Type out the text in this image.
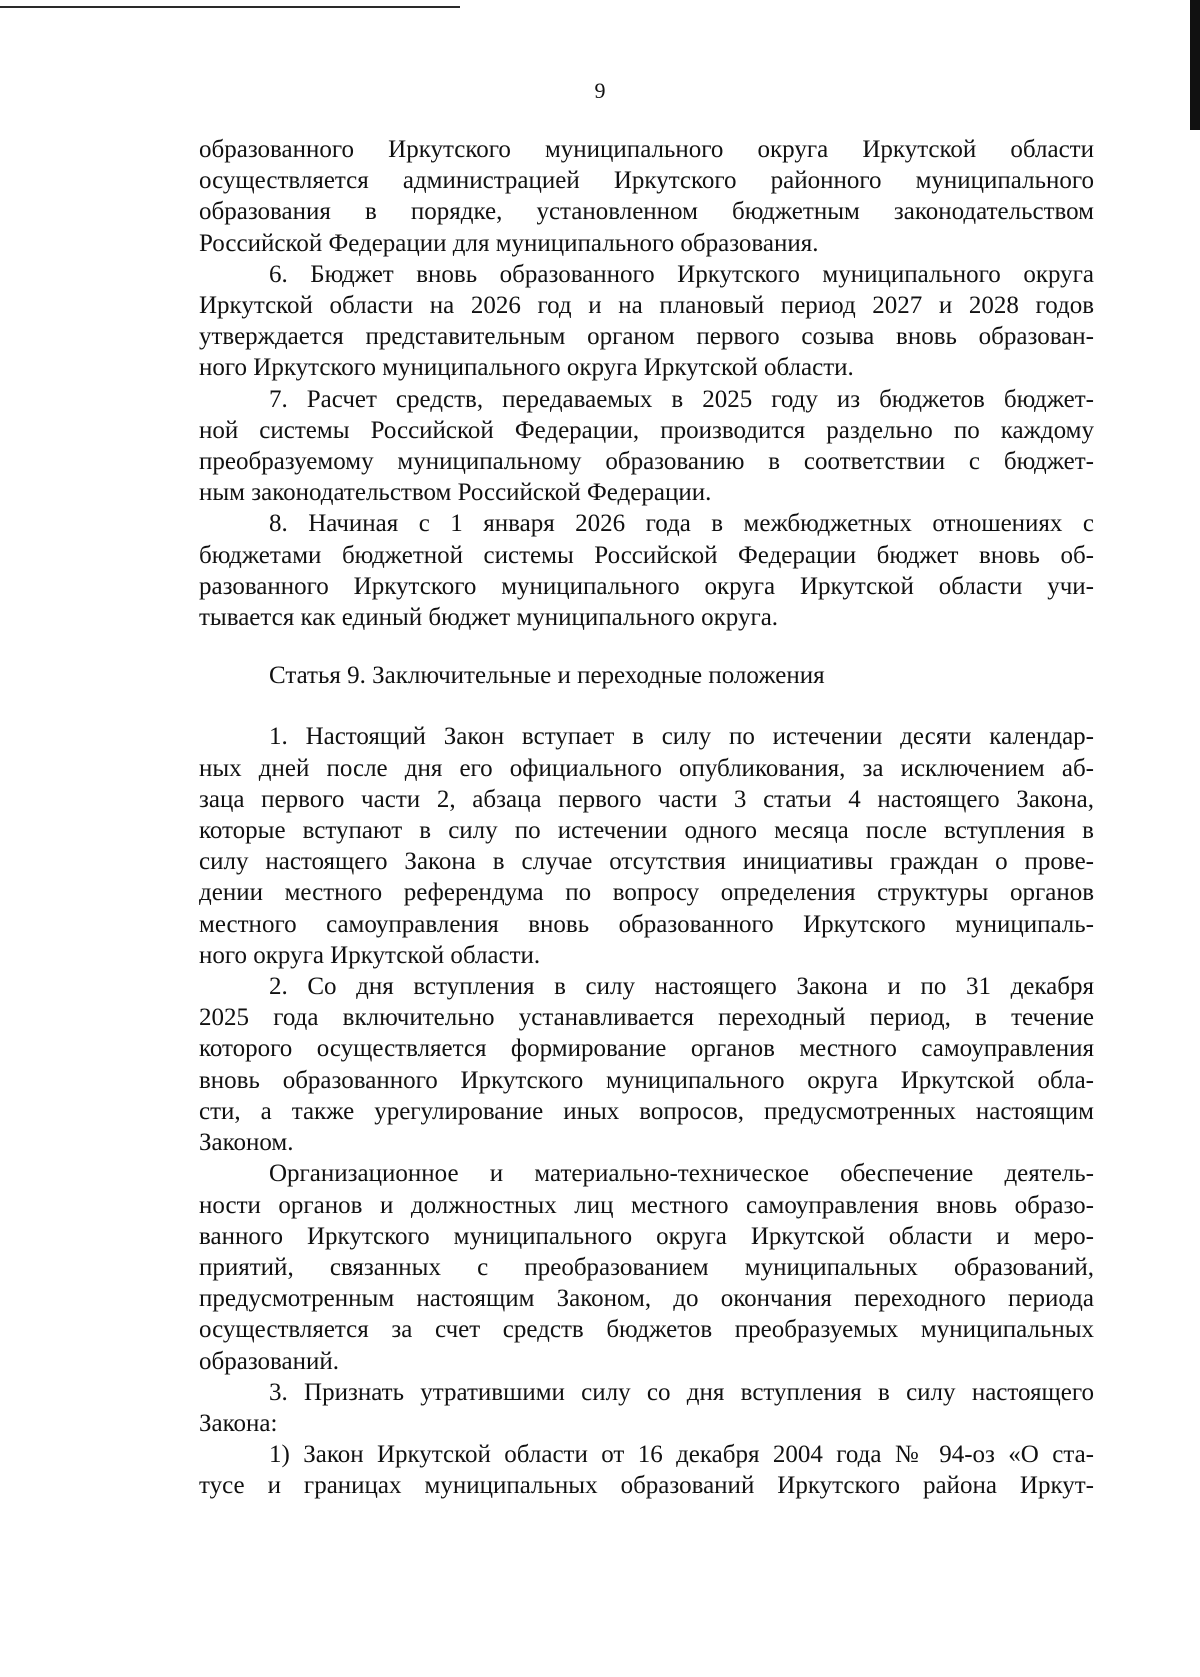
9

образованного Иркутского муниципального округа Иркутской области
осуществляется администрацией Иркутского районного муниципального
образования в порядке, установленном бюджетным законодательством
Российской Федерации для муниципального образования.

6. Бюджет вновь образованного Иркутского муниципального округа
Иркутской области на 2026 год и на плановый период 2027 и 2028 годов
утверждается представительным органом первого созыва вновь образован-
ного Иркутского муниципального округа Иркутской области.

7. Расчет средств, передаваемых в 2025 году из бюджетов бюджет-
ной системы Российской Федерации, производится раздельно по каждому
преобразуемому муниципальному образованию в соответствии с бюджет-
ным законодательством Российской Федерации.

8. Начиная с 1 января 2026 года в межбюджетных отношениях с
бюджетами бюджетной системы Российской Федерации бюджет вновь об-
разованного Иркутского муниципального округа Иркутской области учи-
тывается как единый бюджет муниципального округа.

Статья 9. Заключительные и переходные положения

1. Настоящий Закон вступает в силу по истечении десяти календар-
ных дней после дня его официального опубликования, за исключением аб-
заца первого части 2, абзаца первого части 3 статьи 4 настоящего Закона,
которые вступают в силу по истечении одного месяца после вступления в
силу настоящего Закона в случае отсутствия инициативы граждан о прове-
дении местного референдума по вопросу определения структуры органов
местного самоуправления вновь образованного Иркутского муниципаль-
ного округа Иркутской области.

2. Со дня вступления в силу настоящего Закона и по 31 декабря
2025 года включительно устанавливается переходный период, в течение
которого осуществляется формирование органов местного самоуправления
вновь образованного Иркутского муниципального округа Иркутской обла-
сти, а также урегулирование иных вопросов, предусмотренных настоящим
Законом.

Организационное и материально-техническое обеспечение деятель-
ности органов и должностных лиц местного самоуправления вновь образо-
ванного Иркутского муниципального округа Иркутской области и меро-
приятий, связанных с преобразованием муниципальных образований,
предусмотренным настоящим Законом, до окончания переходного периода
осуществляется за счет средств бюджетов преобразуемых муниципальных
образований.

3. Признать утратившими силу со дня вступления в силу настоящего
Закона:

1) Закон Иркутской области от 16 декабря 2004 года № 94-оз «О ста-
тусе и границах муниципальных образований Иркутского района Иркут-
